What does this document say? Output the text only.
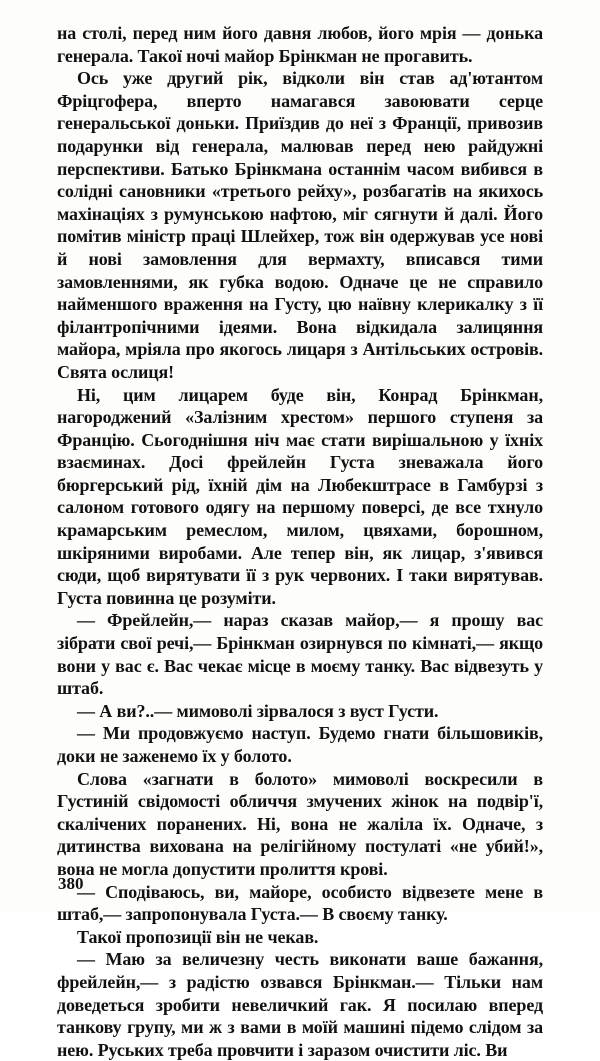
на столі, перед ним його давня любов, його мрія — донька генерала. Такої ночі майор Брінкман не прогавить.

Ось уже другий рік, відколи він став ад'ютантом Фріцгофера, вперто намагався завоювати серце генеральської доньки. Приїздив до неї з Франції, привозив подарунки від генерала, малював перед нею райдужні перспективи. Батько Брінкмана останнім часом вибився в солідні сановники «третього рейху», розбагатів на якихось махінаціях з румунською нафтою, міг сягнути й далі. Його помітив міністр праці Шлейхер, тож він одержував усе нові й нові замовлення для вермахту, вписався тими замовленнями, як губка водою. Одначе це не справило найменшого враження на Густу, цю наївну клерикалку з її філантропічними ідеями. Вона відкидала залицяння майора, мріяла про якогось лицаря з Антільських островів. Свята ослиця!

Ні, цим лицарем буде він, Конрад Брінкман, нагороджений «Залізним хрестом» першого ступеня за Францію. Сьогоднішня ніч має стати вирішальною у їхніх взаєминах. Досі фрейлейн Густа зневажала його бюргерський рід, їхній дім на Любекштрасе в Гамбурзі з салоном готового одягу на першому поверсі, де все тхнуло крамарським ремеслом, милом, цвяхами, борошном, шкіряними виробами. Але тепер він, як лицар, з'явився сюди, щоб вирятувати її з рук червоних. І таки вирятував. Густа повинна це розуміти.

— Фрейлейн,— нараз сказав майор,— я прошу вас зібрати свої речі,— Брінкман озирнувся по кімнаті,— якщо вони у вас є. Вас чекає місце в моєму танку. Вас відвезуть у штаб.

— А ви?..— мимоволі зірвалося з вуст Густи.

— Ми продовжуємо наступ. Будемо гнати більшовиків, доки не заженемо їх у болото.

Слова «загнати в болото» мимоволі воскресили в Густиній свідомості обличчя змучених жінок на подвір'ї, скалічених поранених. Ні, вона не жаліла їх. Одначе, з дитинства вихована на релігійному постулаті «не убий!», вона не могла допустити пролиття крові.

— Сподіваюсь, ви, майоре, особисто відвезете мене в штаб,— запропонувала Густа.— В своєму танку.

Такої пропозиції він не чекав.

— Маю за величезну честь виконати ваше бажання, фрейлейн,— з радістю озвався Брінкман.— Тільки нам доведеться зробити невеличкий гак. Я посилаю вперед танкову групу, ми ж з вами в моїй машині підемо слідом за нею. Руських треба провчити і заразом очистити ліс. Ви

380
